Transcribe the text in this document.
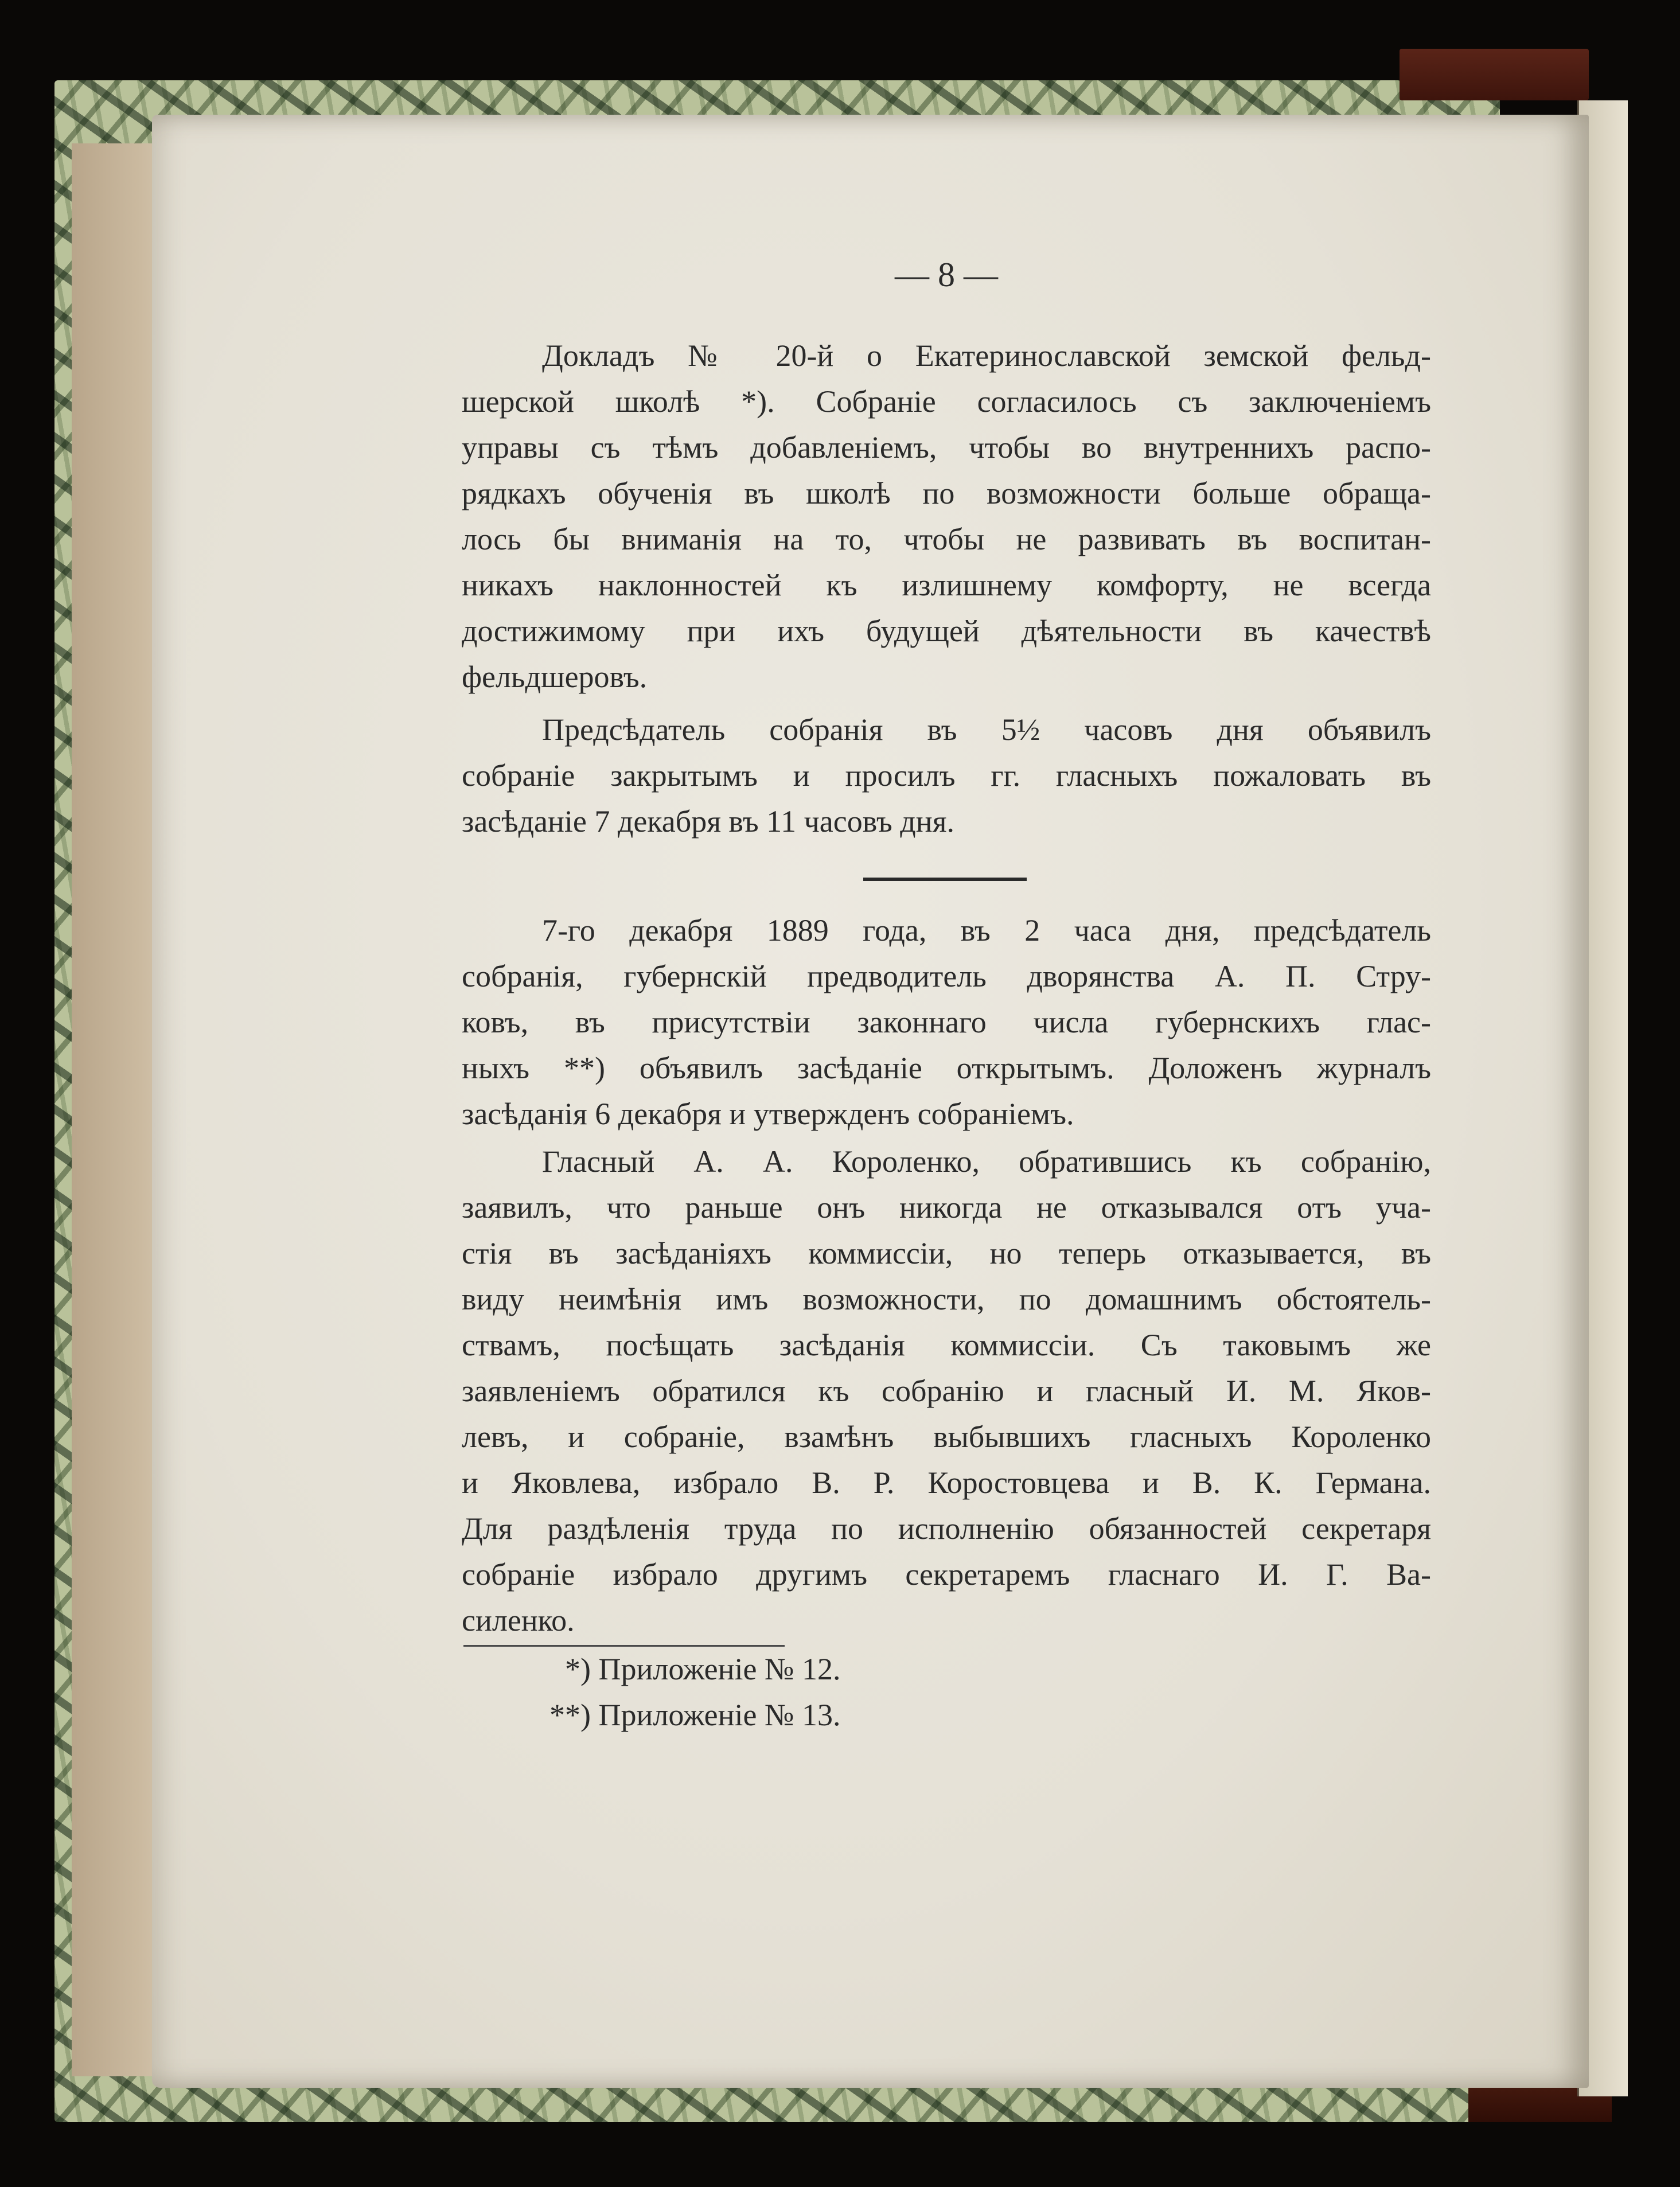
— 8 —
Докладъ № 20-й о Екатеринославской земской фельд-
шерской школѣ *). Собраніе согласилось съ заключеніемъ
управы съ тѣмъ добавленіемъ, чтобы во внутреннихъ распо-
рядкахъ обученія въ школѣ по возможности больше обраща-
лось бы вниманія на то, чтобы не развивать въ воспитан-
никахъ наклонностей къ излишнему комфорту, не всегда
достижимому при ихъ будущей дѣятельности въ качествѣ
фельдшеровъ.
Предсѣдатель собранія въ 5½ часовъ дня объявилъ
собраніе закрытымъ и просилъ гг. гласныхъ пожаловать въ
засѣданіе 7 декабря въ 11 часовъ дня.
7-го декабря 1889 года, въ 2 часа дня, предсѣдатель
собранія, губернскій предводитель дворянства А. П. Стру-
ковъ, въ присутствіи законнаго числа губернскихъ глас-
ныхъ **) объявилъ засѣданіе открытымъ. Доложенъ журналъ
засѣданія 6 декабря и утвержденъ собраніемъ.
Гласный А. А. Короленко, обратившись къ собранію,
заявилъ, что раньше онъ никогда не отказывался отъ уча-
стія въ засѣданіяхъ коммиссіи, но теперь отказывается, въ
виду неимѣнія имъ возможности, по домашнимъ обстоятель-
ствамъ, посѣщать засѣданія коммиссіи. Съ таковымъ же
заявленіемъ обратился къ собранію и гласный И. М. Яков-
левъ, и собраніе, взамѣнъ выбывшихъ гласныхъ Короленко
и Яковлева, избрало В. Р. Коростовцева и В. К. Германа.
Для раздѣленія труда по исполненію обязанностей секретаря
собраніе избрало другимъ секретаремъ гласнаго И. Г. Ва-
силенко.
*) Приложеніе № 12.
**) Приложеніе № 13.
